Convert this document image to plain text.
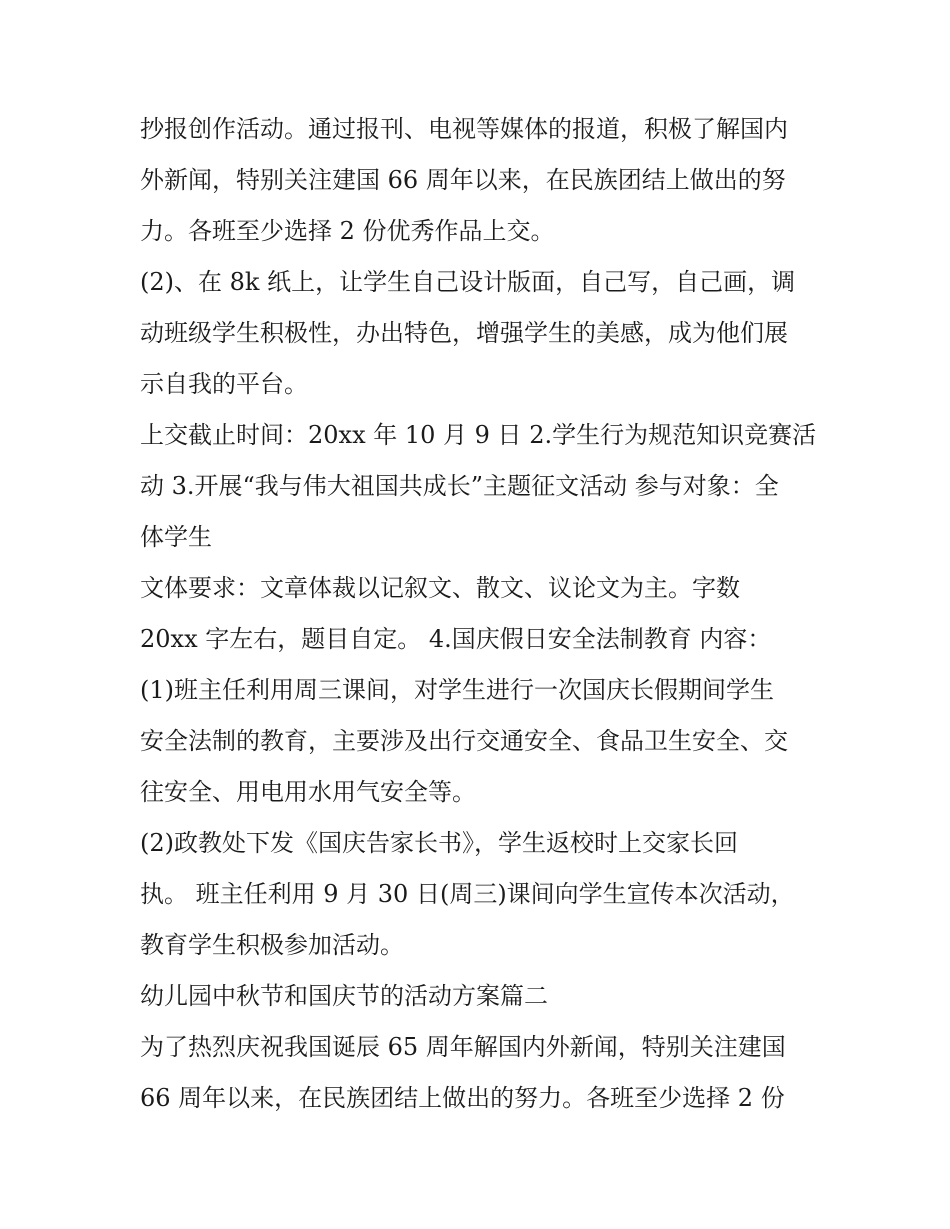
抄报创作活动。通过报刊、电视等媒体的报道，积极了解国内
外新闻，特别关注建国 66 周年以来，在民族团结上做出的努
力。各班至少选择 2 份优秀作品上交。
(2)、在 8k 纸上，让学生自己设计版面，自己写，自己画，调
动班级学生积极性，办出特色，增强学生的美感，成为他们展
示自我的平台。
上交截止时间：20xx 年 10 月 9 日 2.学生行为规范知识竞赛活
动 3.开展“我与伟大祖国共成长”主题征文活动 参与对象：全
体学生
文体要求：文章体裁以记叙文、散文、议论文为主。字数
20xx 字左右，题目自定。 4.国庆假日安全法制教育 内容：
(1)班主任利用周三课间，对学生进行一次国庆长假期间学生
安全法制的教育，主要涉及出行交通安全、食品卫生安全、交
往安全、用电用水用气安全等。
(2)政教处下发《国庆告家长书》，学生返校时上交家长回
执。 班主任利用 9 月 30 日(周三)课间向学生宣传本次活动，
教育学生积极参加活动。
幼儿园中秋节和国庆节的活动方案篇二
为了热烈庆祝我国诞辰 65 周年解国内外新闻，特别关注建国
66 周年以来，在民族团结上做出的努力。各班至少选择 2 份
